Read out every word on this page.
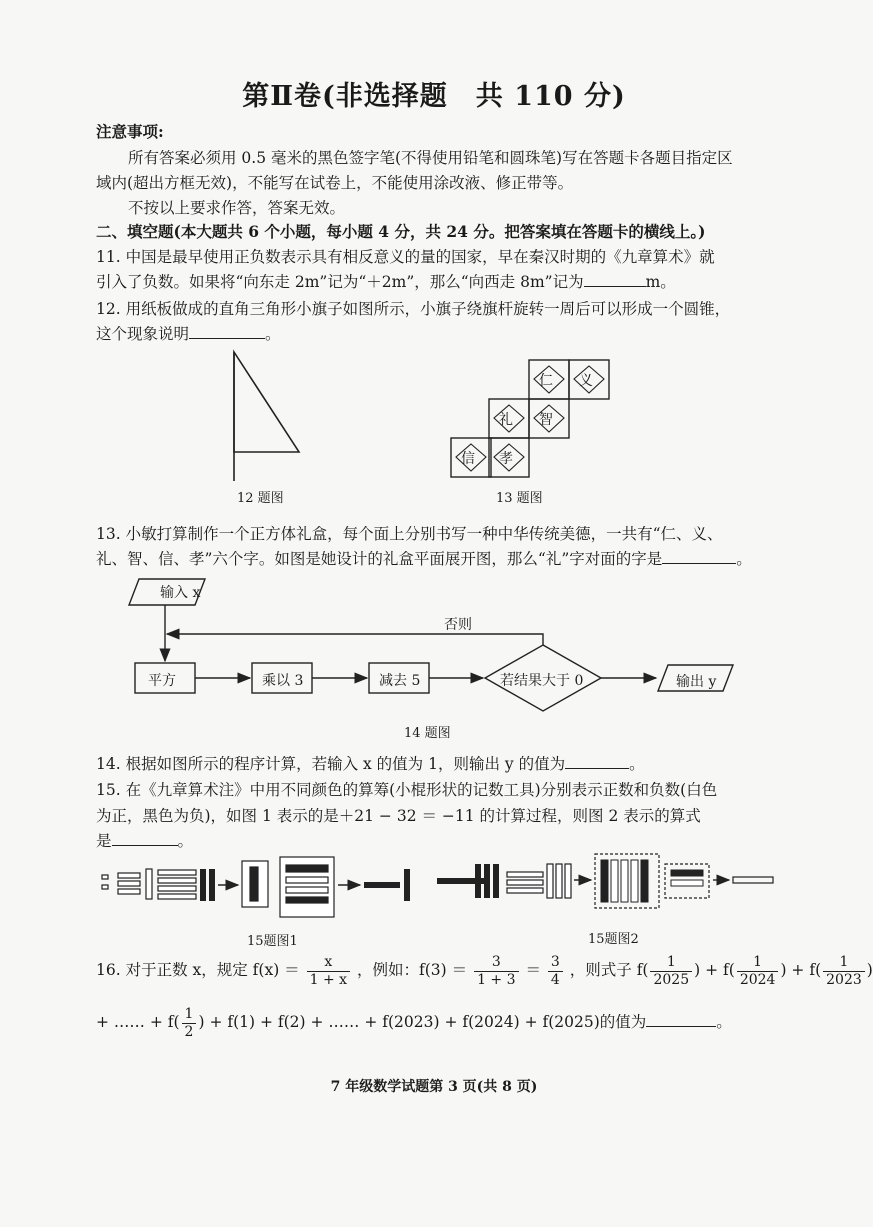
第Ⅱ卷(非选择题　共 110 分)
注意事项:
所有答案必须用 0.5 毫米的黑色签字笔(不得使用铅笔和圆珠笔)写在答题卡各题目指定区
域内(超出方框无效)，不能写在试卷上，不能使用涂改液、修正带等。
不按以上要求作答，答案无效。
二、填空题(本大题共 6 个小题，每小题 4 分，共 24 分。把答案填在答题卡的横线上。)
11. 中国是最早使用正负数表示具有相反意义的量的国家，早在秦汉时期的《九章算术》就
引入了负数。如果将“向东走 2m”记为“＋2m”，那么“向西走 8m”记为	m。
12. 用纸板做成的直角三角形小旗子如图所示，小旗子绕旗杆旋转一周后可以形成一个圆锥，
这个现象说明	。
12 题图
仁 义
礼 智
信 孝
13 题图
13. 小敏打算制作一个正方体礼盒，每个面上分别书写一种中华传统美德，一共有“仁、义、
礼、智、信、孝”六个字。如图是她设计的礼盒平面展开图，那么“礼”字对面的字是	。
输入 x
平方	乘以 3	减去 5	若结果大于 0	输出 y
否则
14 题图
14. 根据如图所示的程序计算，若输入 x 的值为 1，则输出 y 的值为	。
15. 在《九章算术注》中用不同颜色的算筹(小棍形状的记数工具)分别表示正数和负数(白色
为正，黑色为负)，如图 1 表示的是＋21 − 32 ＝ −11 的计算过程，则图 2 表示的算式
是	。
15题图1	15题图2
16. 对于正数 x，规定 $f(x) = \frac{x}{1 + x}$ ，例如：$f(3) = \frac{3}{1 + 3} = \frac{3}{4}$ ，则式子 $f( \frac{1}{2025}$ ) + $f( \frac{1}{2024}$ ) + $f( \frac{1}{2023}$ )
+ …… + $f( \frac{1}{2}$ ) + f(1) + f(2) + …… + f(2023) + f(2024) + f(2025)的值为	。
7 年级数学试题第 3 页(共 8 页)
